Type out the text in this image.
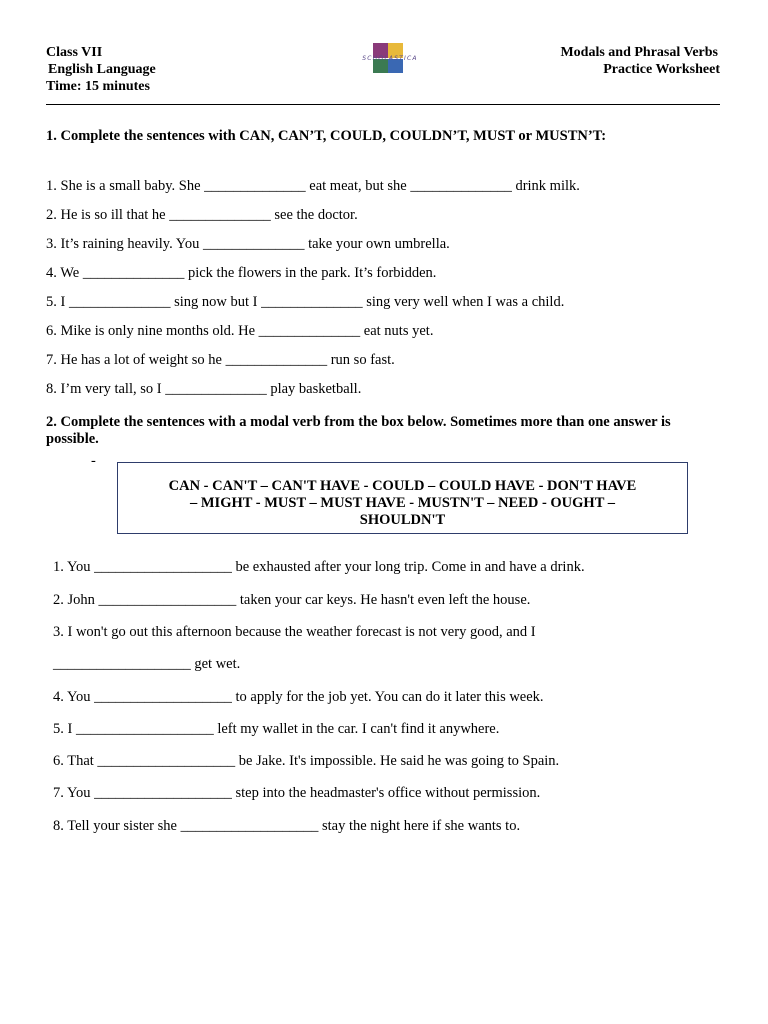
Class VII
English Language
Time: 15 minutes
SCHOLASTICA	Modals and Phrasal Verbs
Practice Worksheet
1. Complete the sentences with CAN, CAN’T, COULD, COULDN’T, MUST or MUSTN’T:
1. She is a small baby. She ______________ eat meat, but she ______________ drink milk.
2. He is so ill that he ______________ see the doctor.
3. It’s raining heavily. You ______________ take your own umbrella.
4. We ______________ pick the flowers in the park. It’s forbidden.
5. I ______________ sing now but I ______________ sing very well when I was a child.
6. Mike is only nine months old. He ______________ eat nuts yet.
7. He has a lot of weight so he ______________ run so fast.
8. I’m very tall, so I ______________ play basketball.
2. Complete the sentences with a modal verb from the box below. Sometimes more than one answer is
possible.
-
CAN - CAN'T – CAN'T HAVE - COULD – COULD HAVE - DON'T HAVE
– MIGHT - MUST – MUST HAVE - MUSTN'T – NEED - OUGHT –
SHOULDN'T
1. You ___________________ be exhausted after your long trip. Come in and have a drink.
2. John ___________________ taken your car keys. He hasn't even left the house.
3. I won't go out this afternoon because the weather forecast is not very good, and I
___________________ get wet.
4. You ___________________ to apply for the job yet. You can do it later this week.
5. I ___________________ left my wallet in the car. I can't find it anywhere.
6. That ___________________ be Jake. It's impossible. He said he was going to Spain.
7. You ___________________ step into the headmaster's office without permission.
8. Tell your sister she ___________________ stay the night here if she wants to.
